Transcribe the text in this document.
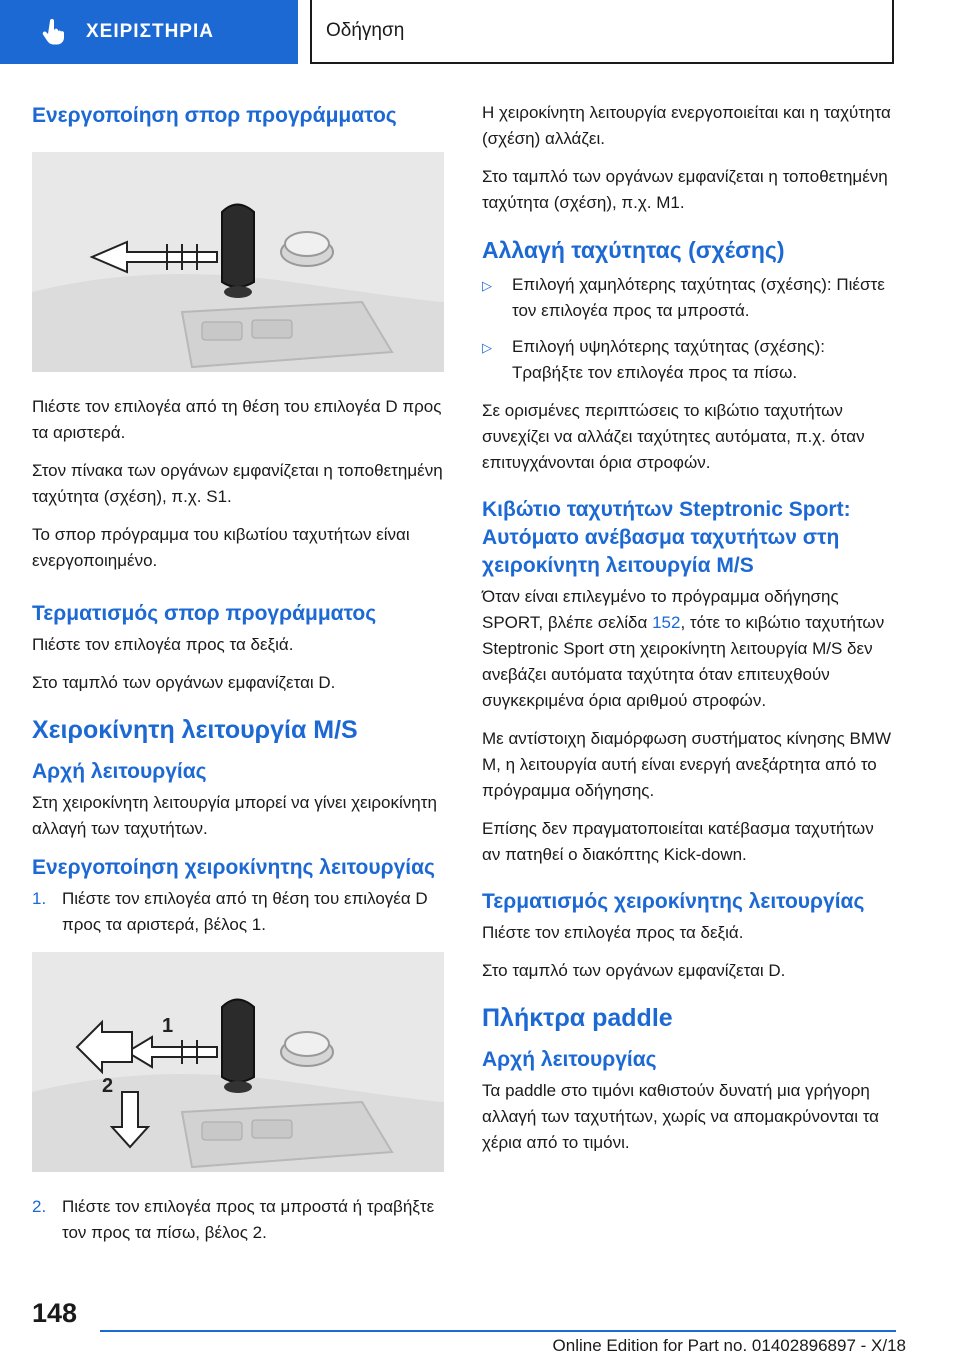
ΧΕΙΡΙΣΤΗΡΙΑ	Οδήγηση
Ενεργοποίηση σπορ προγράμματος

Πιέστε τον επιλογέα από τη θέση του επιλογέα D προς τα αριστερά.

Στον πίνακα των οργάνων εμφανίζεται η τοποθετημένη ταχύτητα (σχέση), π.χ. S1.

Το σπορ πρόγραμμα του κιβωτίου ταχυτήτων είναι ενεργοποιημένο.

Τερματισμός σπορ προγράμματος

Πιέστε τον επιλογέα προς τα δεξιά.

Στο ταμπλό των οργάνων εμφανίζεται D.

Χειροκίνητη λειτουργία M/S
Αρχή λειτουργίας

Στη χειροκίνητη λειτουργία μπορεί να γίνει χειροκίνητη αλλαγή των ταχυτήτων.

Ενεργοποίηση χειροκίνητης λειτουργίας
1. Πιέστε τον επιλογέα από τη θέση του επιλογέα D προς τα αριστερά, βέλος 1.
1
2
2. Πιέστε τον επιλογέα προς τα μπροστά ή τραβήξτε τον προς τα πίσω, βέλος 2.

Η χειροκίνητη λειτουργία ενεργοποιείται και η ταχύτητα (σχέση) αλλάζει.

Στο ταμπλό των οργάνων εμφανίζεται η τοποθετημένη ταχύτητα (σχέση), π.χ. M1.

Αλλαγή ταχύτητας (σχέσης)
▷	Επιλογή χαμηλότερης ταχύτητας (σχέσης): Πιέστε τον επιλογέα προς τα μπροστά.
▷	Επιλογή υψηλότερης ταχύτητας (σχέσης): Τραβήξτε τον επιλογέα προς τα πίσω.

Σε ορισμένες περιπτώσεις το κιβώτιο ταχυτήτων συνεχίζει να αλλάζει ταχύτητες αυτόματα, π.χ. όταν επιτυγχάνονται όρια στροφών.

Κιβώτιο ταχυτήτων Steptronic Sport: Αυτόματο ανέβασμα ταχυτήτων στη χειροκίνητη λειτουργία M/S

Όταν είναι επιλεγμένο το πρόγραμμα οδήγησης SPORT, βλέπε σελίδα 152, τότε το κιβώτιο ταχυτήτων Steptronic Sport στη χειροκίνητη λειτουργία M/S δεν ανεβάζει αυτόματα ταχύτητα όταν επιτευχθούν συγκεκριμένα όρια αριθμού στροφών.

Με αντίστοιχη διαμόρφωση συστήματος κίνησης BMW M, η λειτουργία αυτή είναι ενεργή ανεξάρτητα από το πρόγραμμα οδήγησης.

Επίσης δεν πραγματοποιείται κατέβασμα ταχυτήτων αν πατηθεί ο διακόπτης Kick-down.

Τερματισμός χειροκίνητης λειτουργίας

Πιέστε τον επιλογέα προς τα δεξιά.

Στο ταμπλό των οργάνων εμφανίζεται D.

Πλήκτρα paddle
Αρχή λειτουργίας

Τα paddle στο τιμόνι καθιστούν δυνατή μια γρήγορη αλλαγή των ταχυτήτων, χωρίς να απομακρύνονται τα χέρια από το τιμόνι.

148
Online Edition for Part no. 01402896897 - X/18
